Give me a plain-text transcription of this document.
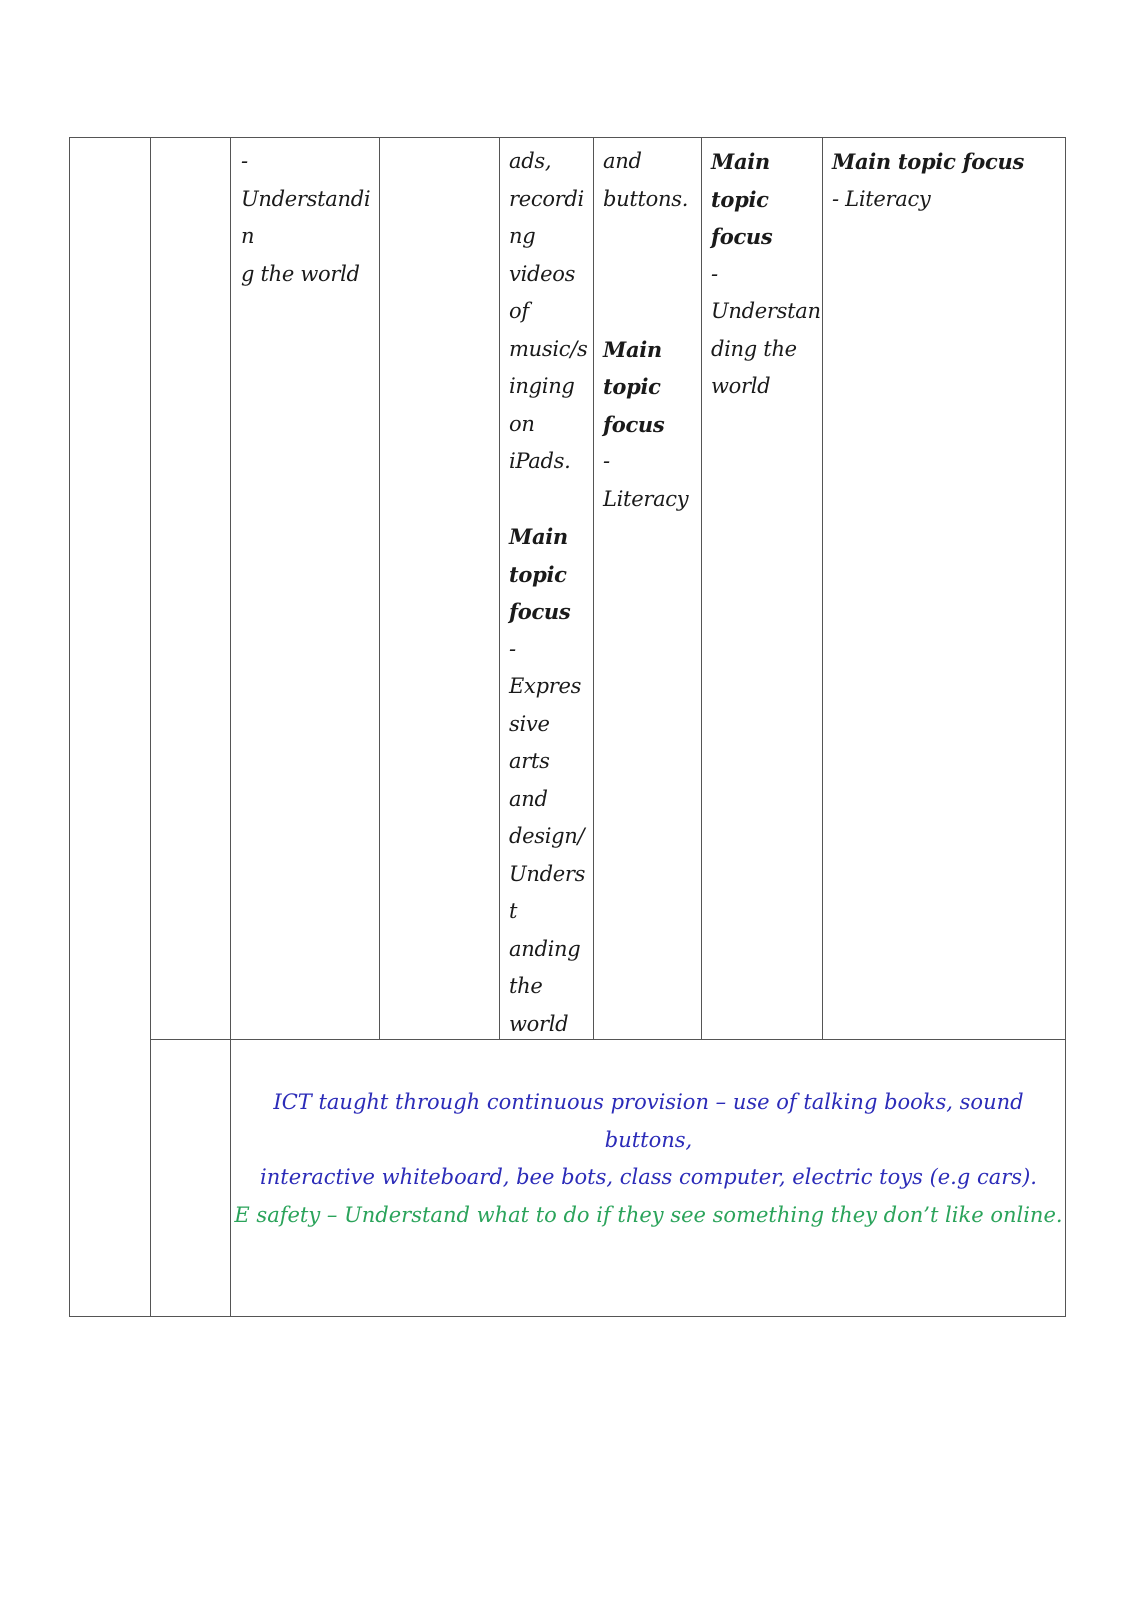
-
Understandin
g the world
ads,
recordi
ng
videos
of
music/s
inging
on
iPads.
Main
topic
focus
-
Expres
sive
arts
and
design/
Underst
anding
the
world
and
buttons.
Main
topic
focus
-
Literacy
Main
topic
focus
-
Understan
ding the
world
Main topic focus
- Literacy
ICT taught through continuous provision – use of talking books, sound buttons,
interactive whiteboard, bee bots, class computer, electric toys (e.g cars).
E safety – Understand what to do if they see something they don’t like online.
